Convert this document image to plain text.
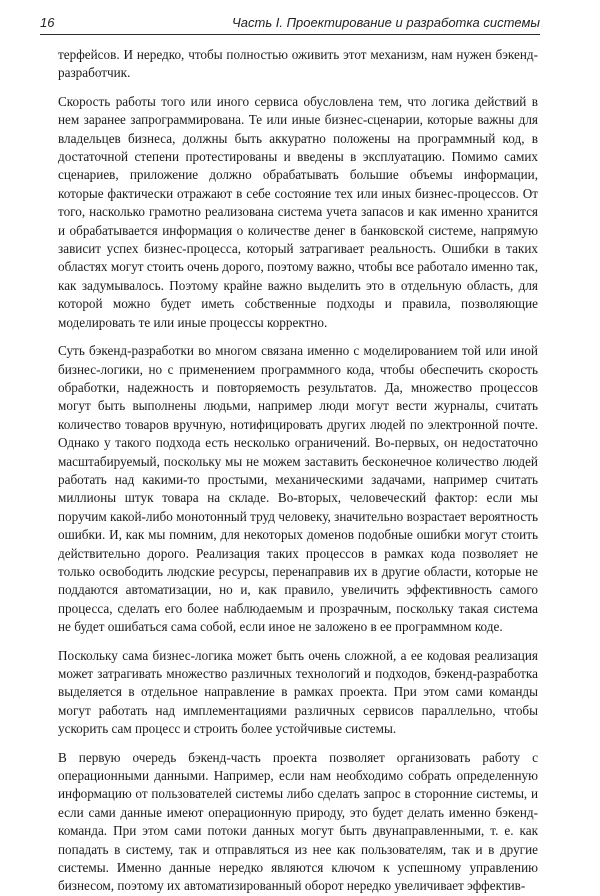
16	Часть I. Проектирование и разработка системы

терфейсов. И нередко, чтобы полностью оживить этот механизм, нам нужен бэкенд-разработчик.

Скорость работы того или иного сервиса обусловлена тем, что логика действий в нем заранее запрограммирована. Те или иные бизнес-сценарии, которые важны для владельцев бизнеса, должны быть аккуратно положены на программный код, в достаточной степени протестированы и введены в эксплуатацию. Помимо самих сценариев, приложение должно обрабатывать большие объемы информации, которые фактически отражают в себе состояние тех или иных бизнес-процессов. От того, насколько грамотно реализована система учета запасов и как именно хранится и обрабатывается информация о количестве денег в банковской системе, напрямую зависит успех бизнес-процесса, который затрагивает реальность. Ошибки в таких областях могут стоить очень дорого, поэтому важно, чтобы все работало именно так, как задумывалось. Поэтому крайне важно выделить это в отдельную область, для которой можно будет иметь собственные подходы и правила, позволяющие моделировать те или иные процессы корректно.

Суть бэкенд-разработки во многом связана именно с моделированием той или иной бизнес-логики, но с применением программного кода, чтобы обеспечить скорость обработки, надежность и повторяемость результатов. Да, множество процессов могут быть выполнены людьми, например люди могут вести журналы, считать количество товаров вручную, нотифицировать других людей по электронной почте. Однако у такого подхода есть несколько ограничений. Во-первых, он недостаточно масштабируемый, поскольку мы не можем заставить бесконечное количество людей работать над какими-то простыми, механическими задачами, например считать миллионы штук товара на складе. Во-вторых, человеческий фактор: если мы поручим какой-либо монотонный труд человеку, значительно возрастает вероятность ошибки. И, как мы помним, для некоторых доменов подобные ошибки могут стоить действительно дорого. Реализация таких процессов в рамках кода позволяет не только освободить людские ресурсы, перенаправив их в другие области, которые не поддаются автоматизации, но и, как правило, увеличить эффективность самого процесса, сделать его более наблюдаемым и прозрачным, поскольку такая система не будет ошибаться сама собой, если иное не заложено в ее программном коде.

Поскольку сама бизнес-логика может быть очень сложной, а ее кодовая реализация может затрагивать множество различных технологий и подходов, бэкенд-разработка выделяется в отдельное направление в рамках проекта. При этом сами команды могут работать над имплементациями различных сервисов параллельно, чтобы ускорить сам процесс и строить более устойчивые системы.

В первую очередь бэкенд-часть проекта позволяет организовать работу с операционными данными. Например, если нам необходимо собрать определенную информацию от пользователей системы либо сделать запрос в сторонние системы, и если сами данные имеют операционную природу, это будет делать именно бэкенд-команда. При этом сами потоки данных могут быть двунаправленными, т. е. как попадать в систему, так и отправляться из нее как пользователям, так и в другие системы. Именно данные нередко являются ключом к успешному управлению бизнесом, поэтому их автоматизированный оборот нередко увеличивает эффектив-
